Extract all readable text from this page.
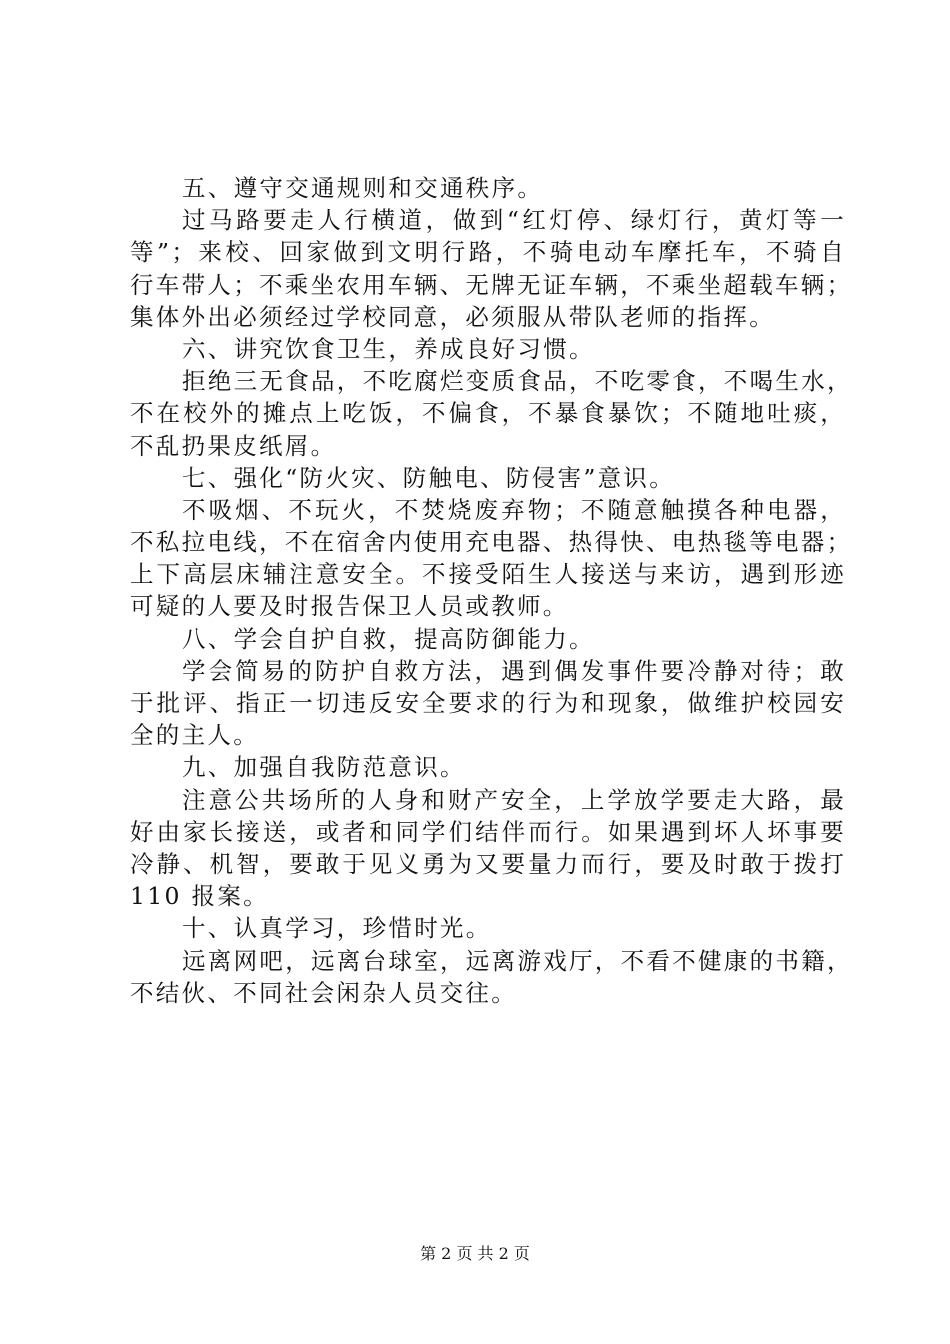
五、遵守交通规则和交通秩序。
过马路要走人行横道，做到“红灯停、绿灯行，黄灯等一
等”；来校、回家做到文明行路，不骑电动车摩托车，不骑自
行车带人；不乘坐农用车辆、无牌无证车辆，不乘坐超载车辆；
集体外出必须经过学校同意，必须服从带队老师的指挥。
六、讲究饮食卫生，养成良好习惯。
拒绝三无食品，不吃腐烂变质食品，不吃零食，不喝生水，
不在校外的摊点上吃饭，不偏食，不暴食暴饮；不随地吐痰，
不乱扔果皮纸屑。
七、强化“防火灾、防触电、防侵害”意识。
不吸烟、不玩火，不焚烧废弃物；不随意触摸各种电器，
不私拉电线，不在宿舍内使用充电器、热得快、电热毯等电器；
上下高层床辅注意安全。不接受陌生人接送与来访，遇到形迹
可疑的人要及时报告保卫人员或教师。
八、学会自护自救，提高防御能力。
学会简易的防护自救方法，遇到偶发事件要冷静对待；敢
于批评、指正一切违反安全要求的行为和现象，做维护校园安
全的主人。
九、加强自我防范意识。
注意公共场所的人身和财产安全，上学放学要走大路，最
好由家长接送，或者和同学们结伴而行。如果遇到坏人坏事要
冷静、机智，要敢于见义勇为又要量力而行，要及时敢于拨打
110 报案。
十、认真学习，珍惜时光。
远离网吧，远离台球室，远离游戏厅，不看不健康的书籍，
不结伙、不同社会闲杂人员交往。
第 2 页 共 2 页
